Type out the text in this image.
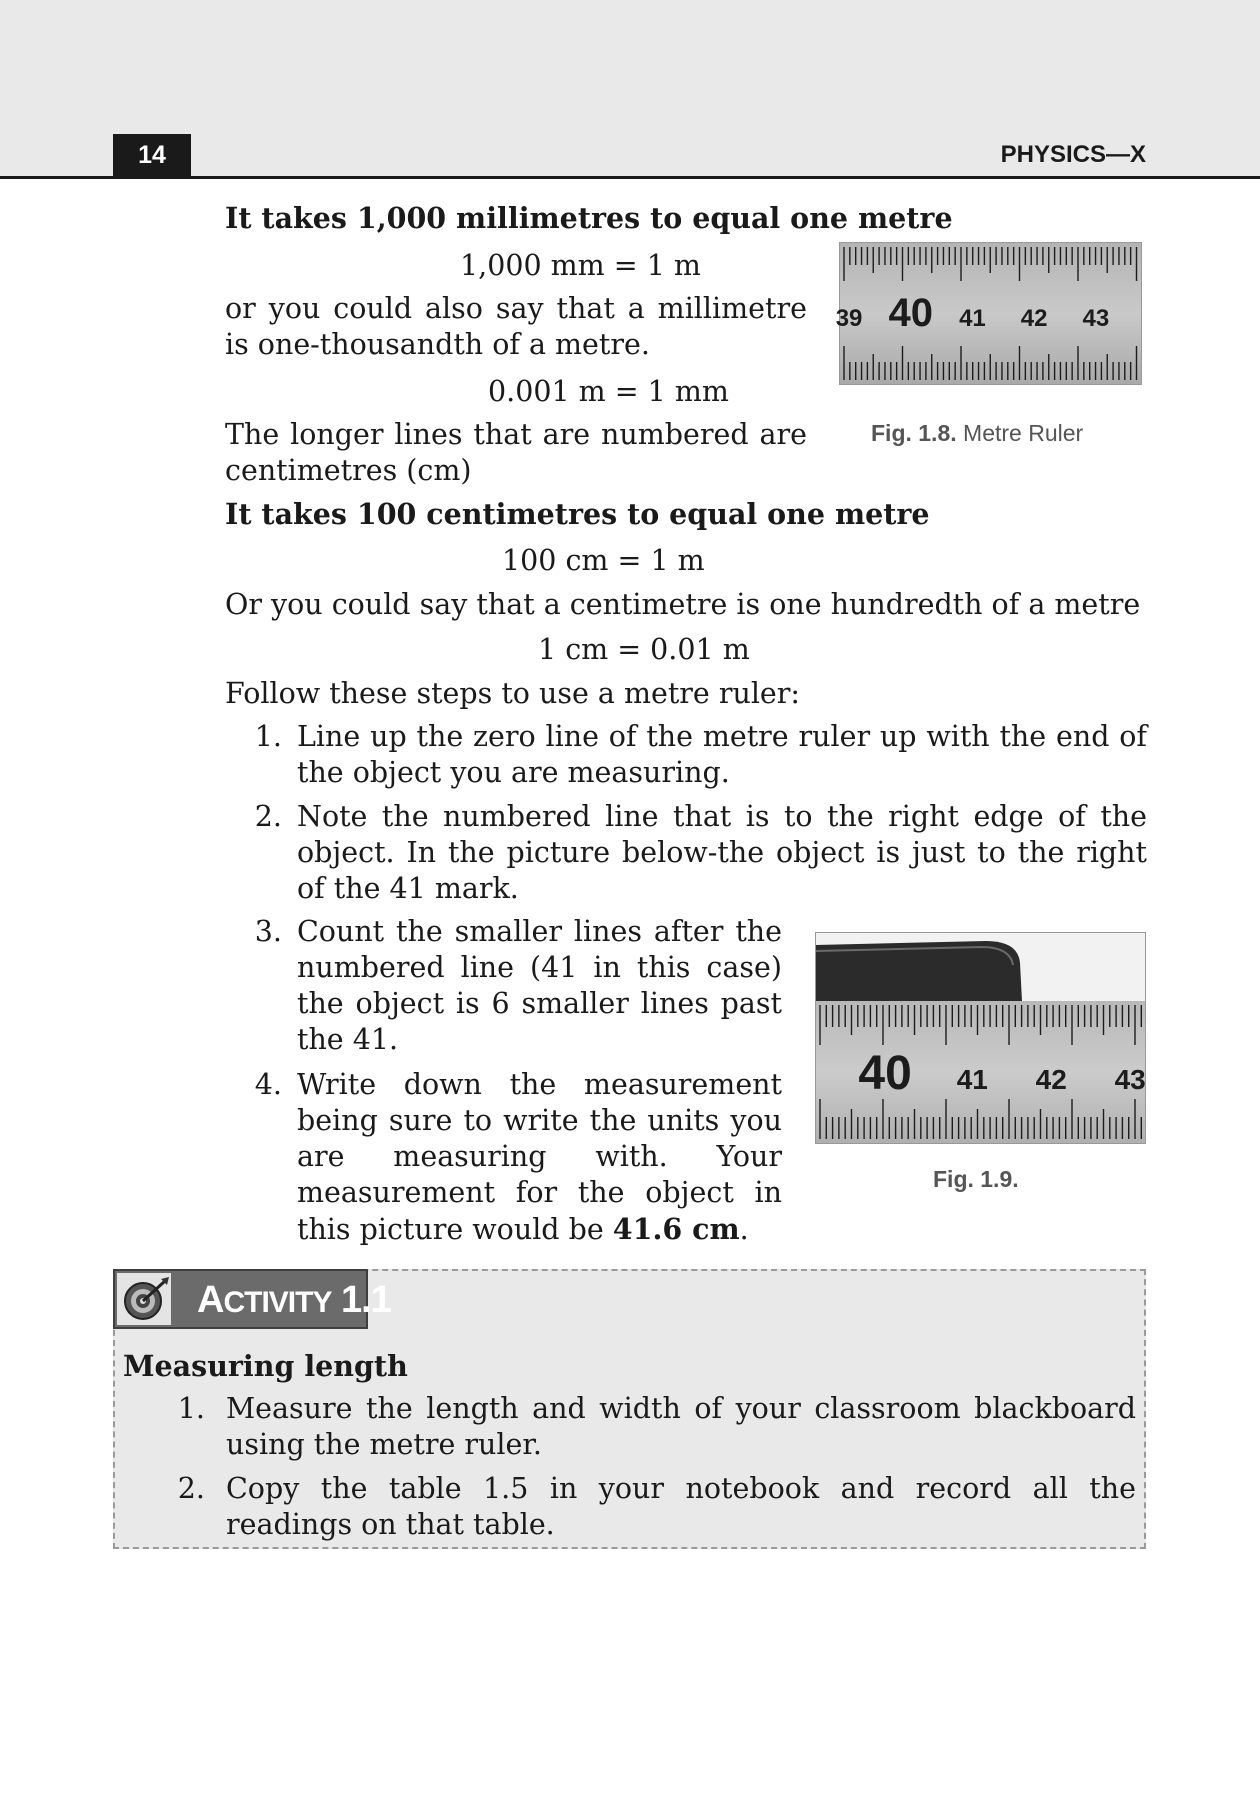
14	PHYSICS—X
It takes 1,000 millimetres to equal one metre
1,000 mm = 1 m
or you could also say that a millimetre is one-thousandth of a metre.
0.001 m = 1 mm
The longer lines that are numbered are centimetres (cm)
It takes 100 centimetres to equal one metre
100 cm = 1 m
Or you could say that a centimetre is one hundredth of a metre
1 cm = 0.01 m
Follow these steps to use a metre ruler:
1. Line up the zero line of the metre ruler up with the end of the object you are measuring.
2. Note the numbered line that is to the right edge of the object. In the picture below-the object is just to the right of the 41 mark.
3. Count the smaller lines after the numbered line (41 in this case) the object is 6 smaller lines past the 41.
4. Write down the measurement being sure to write the units you are measuring with. Your measurement for the object in this picture would be 41.6 cm.
39 40 41 42 43
Fig. 1.8. Metre Ruler
40 41 42 43
Fig. 1.9.
ACTIVITY 1.1
Measuring length
1. Measure the length and width of your classroom blackboard using the metre ruler.
2. Copy the table 1.5 in your notebook and record all the readings on that table.
